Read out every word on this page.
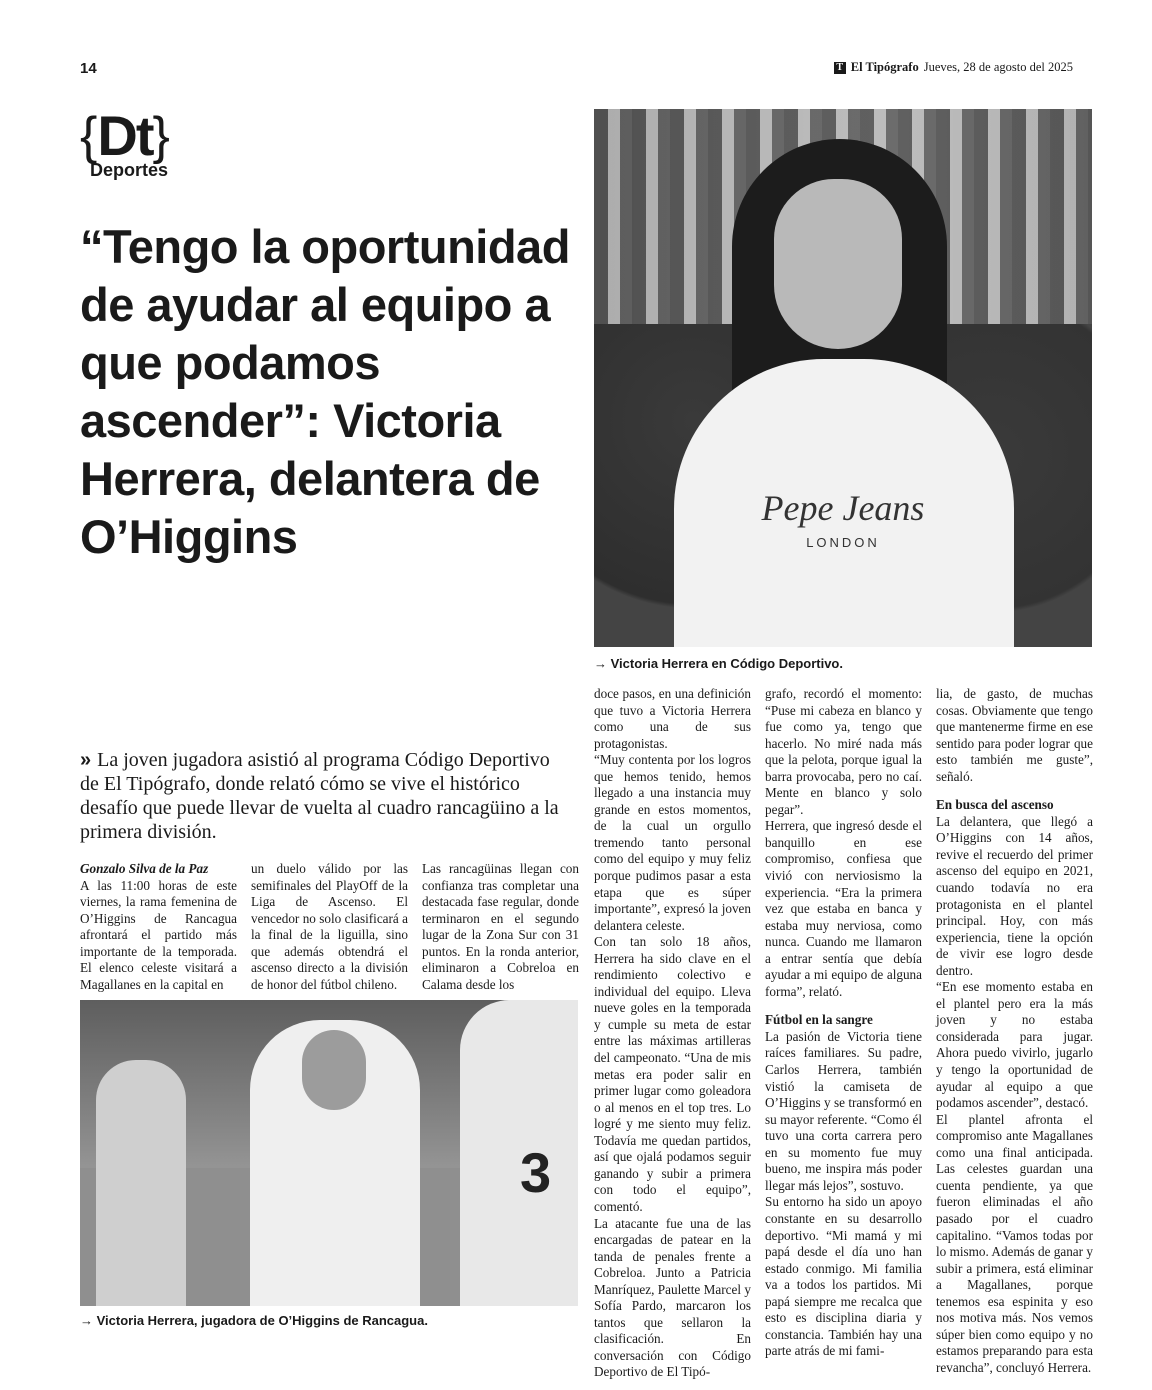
14	T El Tipógrafo Jueves, 28 de agosto del 2025
{ Dt }
Deportes
“Tengo la oportunidad de ayudar al equipo a que podamos ascender”: Victoria Herrera, delantera de O’Higgins
Pepe Jeans
LONDON
→ Victoria Herrera en Código Deportivo.

» La joven jugadora asistió al programa Código Deportivo de El Tipógrafo, donde relató cómo se vive el histórico desafío que puede llevar de vuelta al cuadro rancagüino a la primera división.

Gonzalo Silva de la Paz

A las 11:00 horas de este viernes, la rama femenina de O’Higgins de Rancagua afrontará el partido más importante de la temporada. El elenco celeste visitará a Magallanes en la capital en

un duelo válido por las semifinales del PlayOff de la Liga de Ascenso. El vencedor no solo clasificará a la final de la liguilla, sino que además obtendrá el ascenso directo a la división de honor del fútbol chileno.

Las rancagüinas llegan con confianza tras completar una destacada fase regular, donde terminaron en el segundo lugar de la Zona Sur con 31 puntos. En la ronda anterior, eliminaron a Cobreloa en Calama desde los

3
→ Victoria Herrera, jugadora de O’Higgins de Rancagua.

doce pasos, en una definición que tuvo a Victoria Herrera como una de sus protagonistas.

“Muy contenta por los logros que hemos tenido, hemos llegado a una instancia muy grande en estos momentos, de la cual un orgullo tremendo tanto personal como del equipo y muy feliz porque pudimos pasar a esta etapa que es súper importante”, expresó la joven delantera celeste.

Con tan solo 18 años, Herrera ha sido clave en el rendimiento colectivo e individual del equipo. Lleva nueve goles en la temporada y cumple su meta de estar entre las máximas artilleras del campeonato. “Una de mis metas era poder salir en primer lugar como goleadora o al menos en el top tres. Lo logré y me siento muy feliz. Todavía me quedan partidos, así que ojalá podamos seguir ganando y subir a primera con todo el equipo”, comentó.

La atacante fue una de las encargadas de patear en la tanda de penales frente a Cobreloa. Junto a Patricia Manríquez, Paulette Marcel y Sofía Pardo, marcaron los tantos que sellaron la clasificación. En conversación con Código Deportivo de El Tipó-

grafo, recordó el momento: “Puse mi cabeza en blanco y fue como ya, tengo que hacerlo. No miré nada más que la pelota, porque igual la barra provocaba, pero no caí. Mente en blanco y solo pegar”.

Herrera, que ingresó desde el banquillo en ese compromiso, confiesa que vivió con nerviosismo la experiencia. “Era la primera vez que estaba en banca y estaba muy nerviosa, como nunca. Cuando me llamaron a entrar sentía que debía ayudar a mi equipo de alguna forma”, relató.

Fútbol en la sangre

La pasión de Victoria tiene raíces familiares. Su padre, Carlos Herrera, también vistió la camiseta de O’Higgins y se transformó en su mayor referente. “Como él tuvo una corta carrera pero en su momento fue muy bueno, me inspira más poder llegar más lejos”, sostuvo.

Su entorno ha sido un apoyo constante en su desarrollo deportivo. “Mi mamá y mi papá desde el día uno han estado conmigo. Mi familia va a todos los partidos. Mi papá siempre me recalca que esto es disciplina diaria y constancia. También hay una parte atrás de mi fami-

lia, de gasto, de muchas cosas. Obviamente que tengo que mantenerme firme en ese sentido para poder lograr que esto también me guste”, señaló.

En busca del ascenso

La delantera, que llegó a O’Higgins con 14 años, revive el recuerdo del primer ascenso del equipo en 2021, cuando todavía no era protagonista en el plantel principal. Hoy, con más experiencia, tiene la opción de vivir ese logro desde dentro.

“En ese momento estaba en el plantel pero era la más joven y no estaba considerada para jugar. Ahora puedo vivirlo, jugarlo y tengo la oportunidad de ayudar al equipo a que podamos ascender”, destacó.

El plantel afronta el compromiso ante Magallanes como una final anticipada. Las celestes guardan una cuenta pendiente, ya que fueron eliminadas el año pasado por el cuadro capitalino. “Vamos todas por lo mismo. Además de ganar y subir a primera, está eliminar a Magallanes, porque tenemos esa espinita y eso nos motiva más. Nos vemos súper bien como equipo y no estamos preparando para esta revancha”, concluyó Herrera.
